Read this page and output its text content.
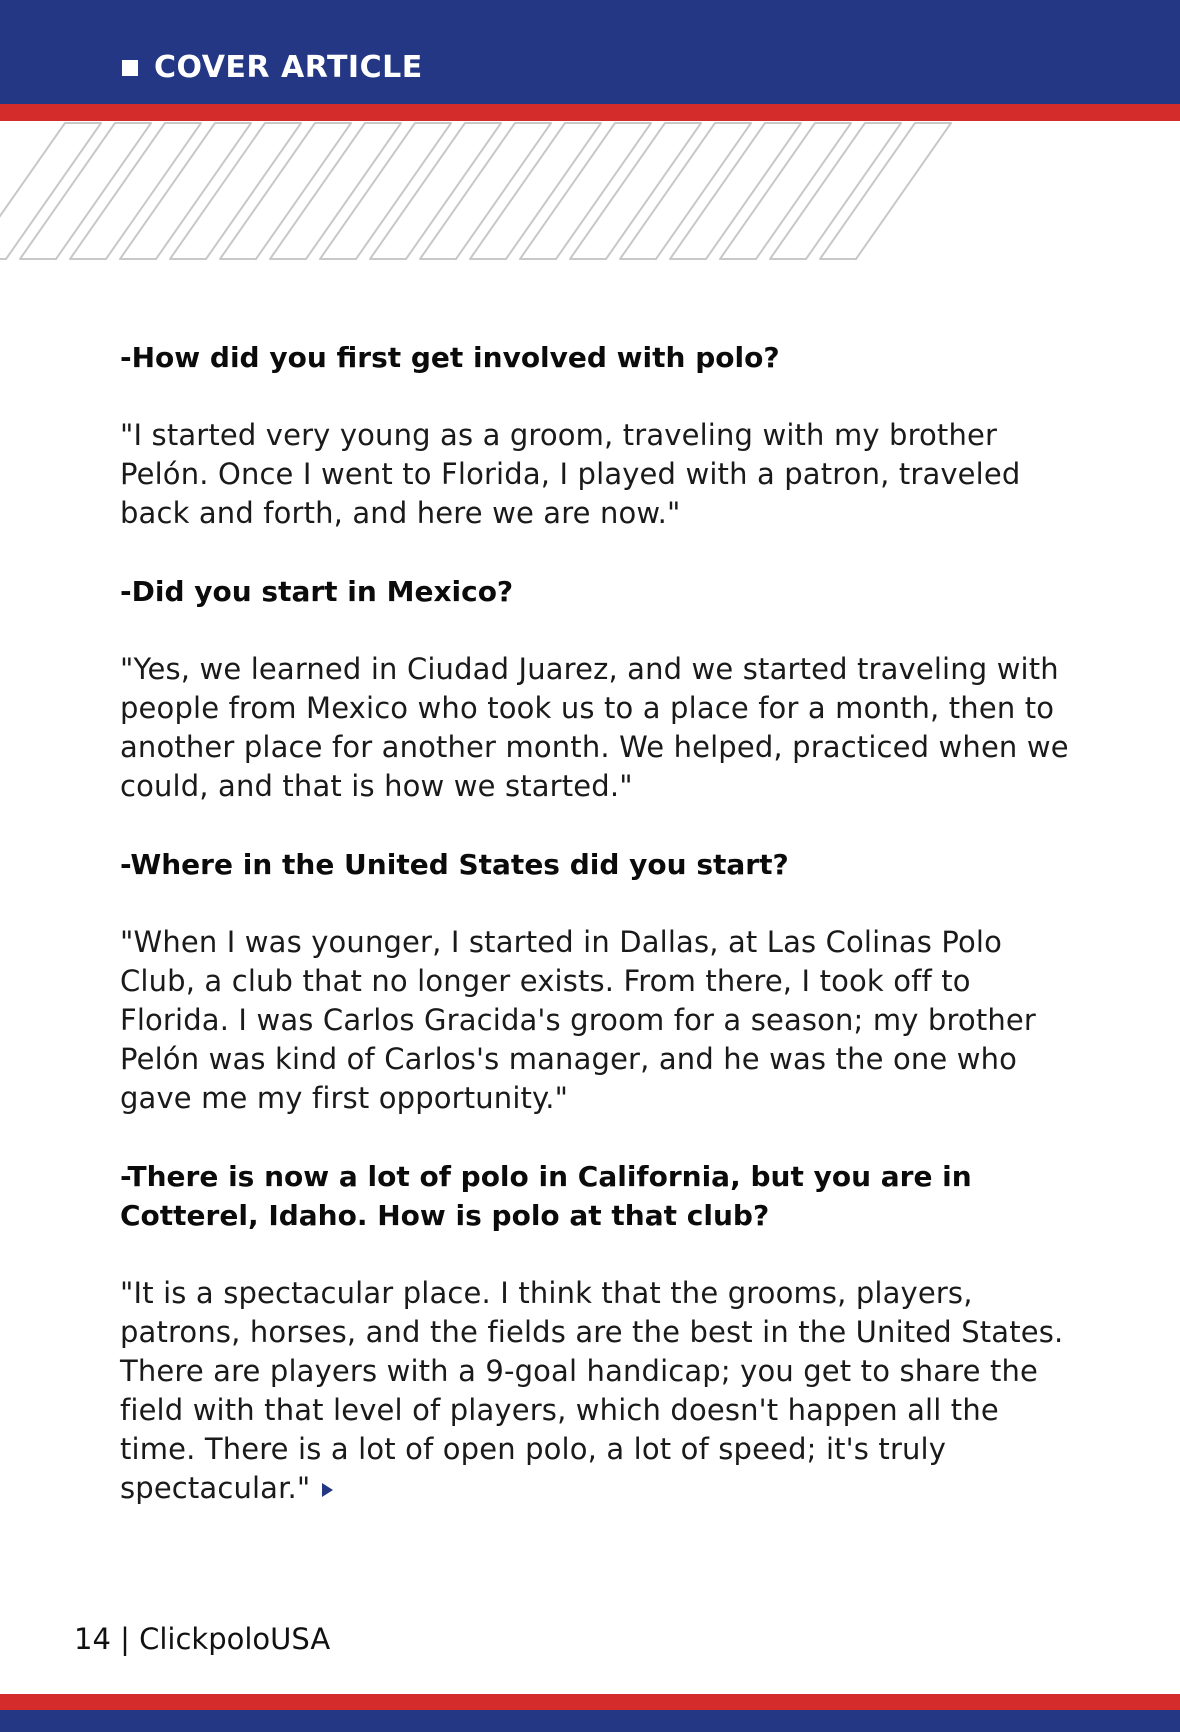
COVER ARTICLE

-How did you first get involved with polo?

"I started very young as a groom, traveling with my brother Pelón. Once I went to Florida, I played with a patron, traveled back and forth, and here we are now."

-Did you start in Mexico?

"Yes, we learned in Ciudad Juarez, and we started traveling with people from Mexico who took us to a place for a month, then to another place for another month. We helped, practiced when we could, and that is how we started."

-Where in the United States did you start?

"When I was younger, I started in Dallas, at Las Colinas Polo Club, a club that no longer exists. From there, I took off to Florida. I was Carlos Gracida's groom for a season; my brother Pelón was kind of Carlos's manager, and he was the one who gave me my first opportunity."

-There is now a lot of polo in California, but you are in Cotterel, Idaho. How is polo at that club?

"It is a spectacular place. I think that the grooms, players, patrons, horses, and the fields are the best in the United States. There are players with a 9-goal handicap; you get to share the field with that level of players, which doesn't happen all the time. There is a lot of open polo, a lot of speed; it's truly spectacular."

14 | ClickpoloUSA
